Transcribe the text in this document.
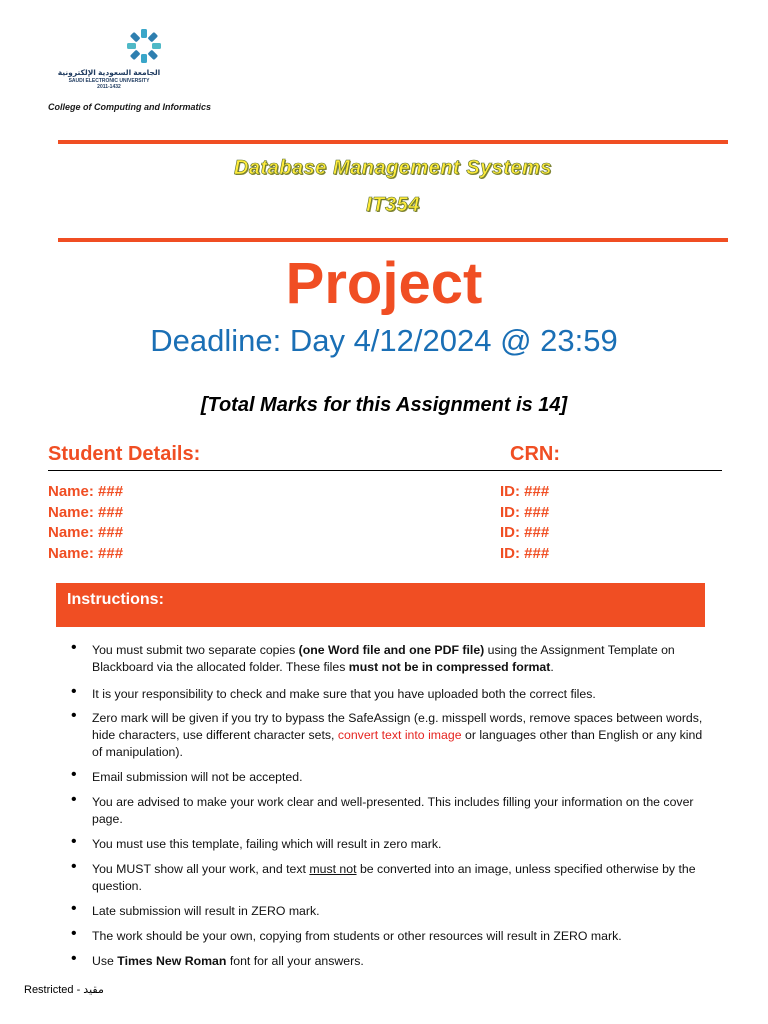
الجامعة السعودية الإلكترونية
SAUDI ELECTRONIC UNIVERSITY
2011-1432
College of Computing and Informatics
Database Management Systems
IT354
Project
Deadline: Day 4/12/2024 @ 23:59
[Total Marks for this Assignment is 14]
Student Details:	CRN:
Name: ###	ID: ###
Name: ###	ID: ###
Name: ###	ID: ###
Name: ###	ID: ###
Instructions:
• You must submit two separate copies (one Word file and one PDF file) using the Assignment Template on Blackboard via the allocated folder. These files must not be in compressed format.
• It is your responsibility to check and make sure that you have uploaded both the correct files.
• Zero mark will be given if you try to bypass the SafeAssign (e.g. misspell words, remove spaces between words, hide characters, use different character sets, convert text into image or languages other than English or any kind of manipulation).
• Email submission will not be accepted.
• You are advised to make your work clear and well-presented. This includes filling your information on the cover page.
• You must use this template, failing which will result in zero mark.
• You MUST show all your work, and text must not be converted into an image, unless specified otherwise by the question.
• Late submission will result in ZERO mark.
• The work should be your own, copying from students or other resources will result in ZERO mark.
• Use Times New Roman font for all your answers.
Restricted - مقيد
